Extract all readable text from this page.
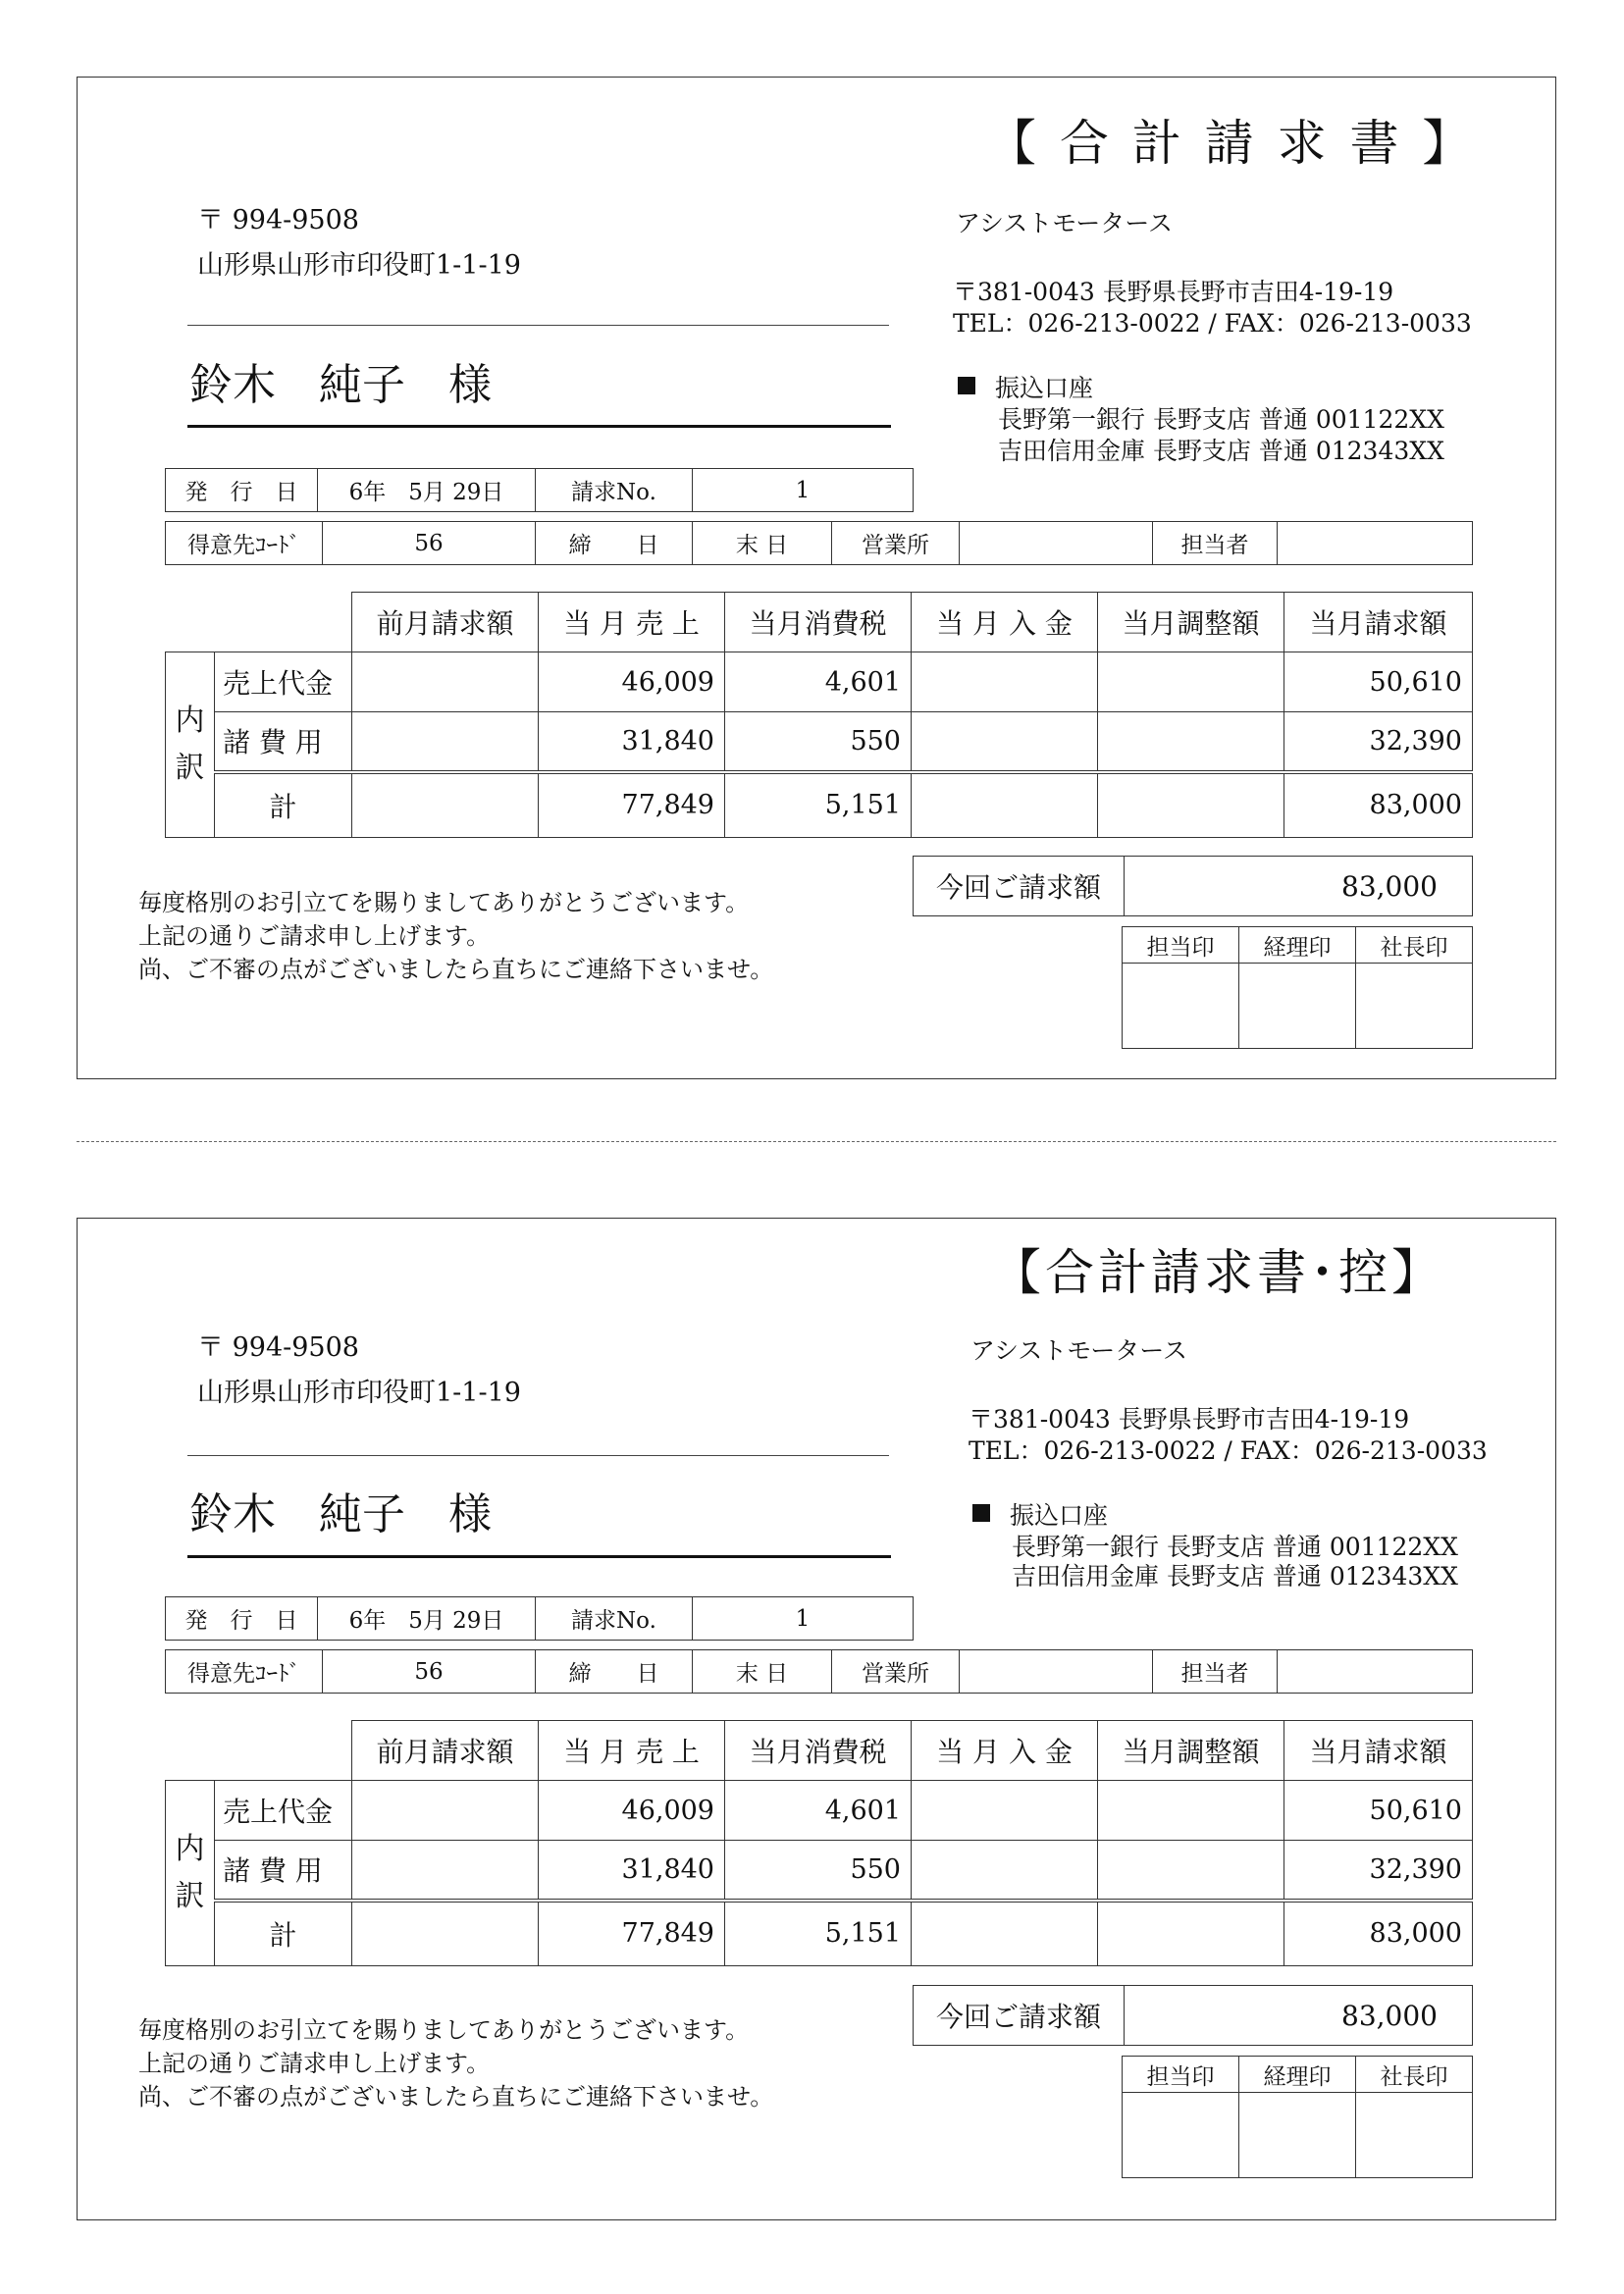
【 合 計 請 求 書 】
〒 994-9508
山形県山形市印役町1-1-19
鈴木　純子　様
アシストモータース
〒381-0043 長野県長野市吉田4-19-19
TEL：026-213-0022 / FAX：026-213-0033
振込口座
長野第一銀行 長野支店 普通 001122XX
吉田信用金庫 長野支店 普通 012343XX
発　行　日	6年　5月 29日	請求No.	1
得意先ｺｰﾄﾞ	56	締　　日	末 日	営業所		担当者	
		前月請求額	当 月 売 上	当月消費税	当 月 入 金	当月調整額	当月請求額
内
訳	売上代金		46,009	4,601			50,610
	諸 費 用		31,840	550			32,390
	計		77,849	5,151			83,000
毎度格別のお引立てを賜りましてありがとうございます。
上記の通りご請求申し上げます。
尚、ご不審の点がございましたら直ちにご連絡下さいませ。
今回ご請求額	83,000
担当印	経理印	社長印

【合計請求書･控】
〒 994-9508
山形県山形市印役町1-1-19
鈴木　純子　様
アシストモータース
〒381-0043 長野県長野市吉田4-19-19
TEL：026-213-0022 / FAX：026-213-0033
振込口座
長野第一銀行 長野支店 普通 001122XX
吉田信用金庫 長野支店 普通 012343XX
発　行　日	6年　5月 29日	請求No.	1
得意先ｺｰﾄﾞ	56	締　　日	末 日	営業所		担当者	
		前月請求額	当 月 売 上	当月消費税	当 月 入 金	当月調整額	当月請求額
内
訳	売上代金		46,009	4,601			50,610
	諸 費 用		31,840	550			32,390
	計		77,849	5,151			83,000
毎度格別のお引立てを賜りましてありがとうございます。
上記の通りご請求申し上げます。
尚、ご不審の点がございましたら直ちにご連絡下さいませ。
今回ご請求額	83,000
担当印	経理印	社長印
